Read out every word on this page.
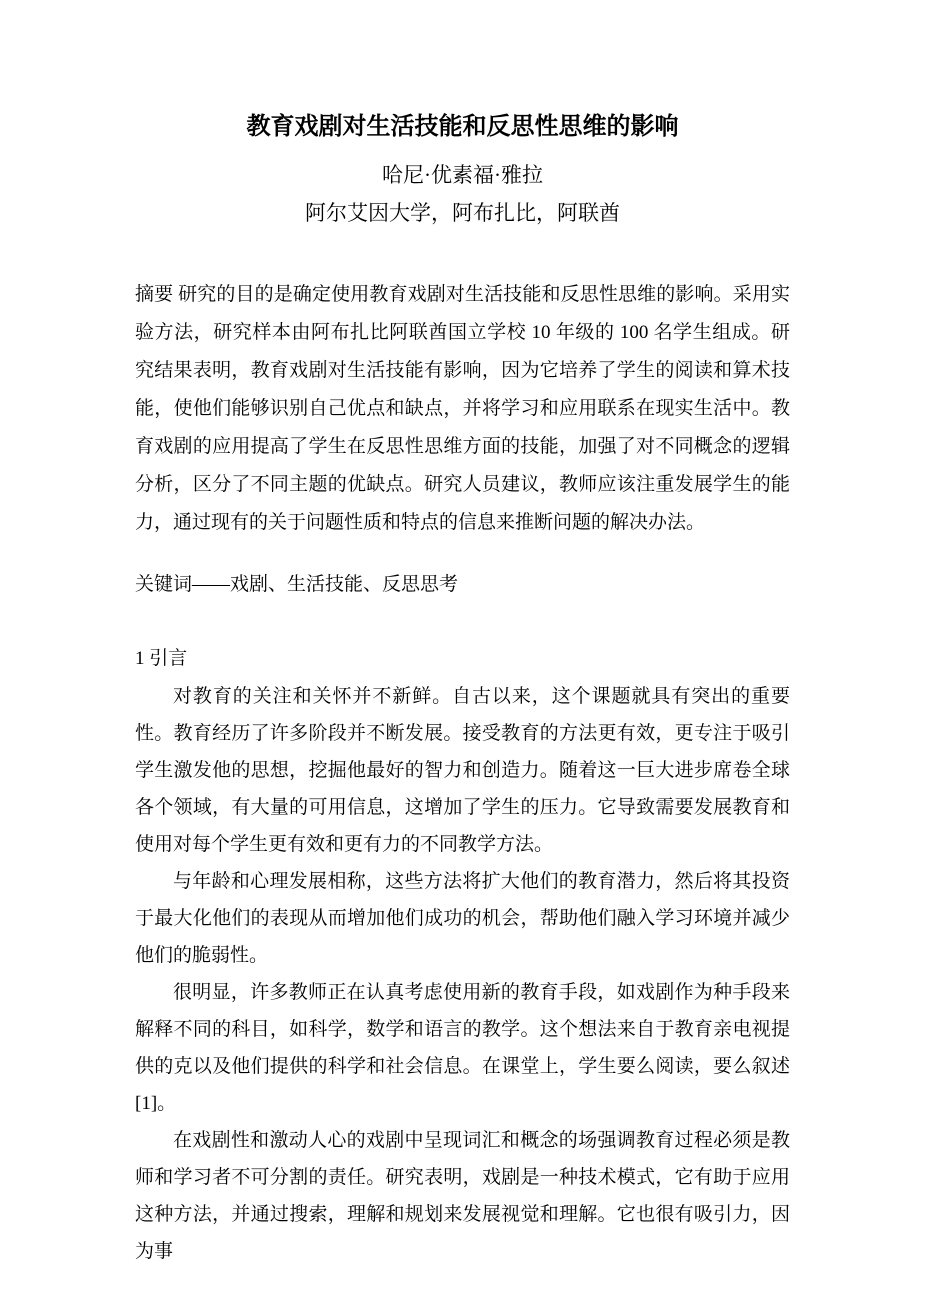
教育戏剧对生活技能和反思性思维的影响

哈尼·优素福·雅拉

阿尔艾因大学，阿布扎比，阿联酋

摘要 研究的目的是确定使用教育戏剧对生活技能和反思性思维的影响。采用实验方法，研究样本由阿布扎比阿联酋国立学校 10 年级的 100 名学生组成。研究结果表明，教育戏剧对生活技能有影响，因为它培养了学生的阅读和算术技能，使他们能够识别自己优点和缺点，并将学习和应用联系在现实生活中。教育戏剧的应用提高了学生在反思性思维方面的技能，加强了对不同概念的逻辑分析，区分了不同主题的优缺点。研究人员建议，教师应该注重发展学生的能力，通过现有的关于问题性质和特点的信息来推断问题的解决办法。

关键词——戏剧、生活技能、反思思考

1 引言

对教育的关注和关怀并不新鲜。自古以来，这个课题就具有突出的重要性。教育经历了许多阶段并不断发展。接受教育的方法更有效，更专注于吸引学生激发他的思想，挖掘他最好的智力和创造力。随着这一巨大进步席卷全球各个领域，有大量的可用信息，这增加了学生的压力。它导致需要发展教育和使用对每个学生更有效和更有力的不同教学方法。

与年龄和心理发展相称，这些方法将扩大他们的教育潜力，然后将其投资于最大化他们的表现从而增加他们成功的机会，帮助他们融入学习环境并减少他们的脆弱性。

很明显，许多教师正在认真考虑使用新的教育手段，如戏剧作为种手段来解释不同的科目，如科学，数学和语言的教学。这个想法来自于教育亲电视提供的克以及他们提供的科学和社会信息。在课堂上，学生要么阅读，要么叙述[1]。

在戏剧性和激动人心的戏剧中呈现词汇和概念的场强调教育过程必须是教师和学习者不可分割的责任。研究表明，戏剧是一种技术模式，它有助于应用这种方法，并通过搜索，理解和规划来发展视觉和理解。它也很有吸引力，因为事
